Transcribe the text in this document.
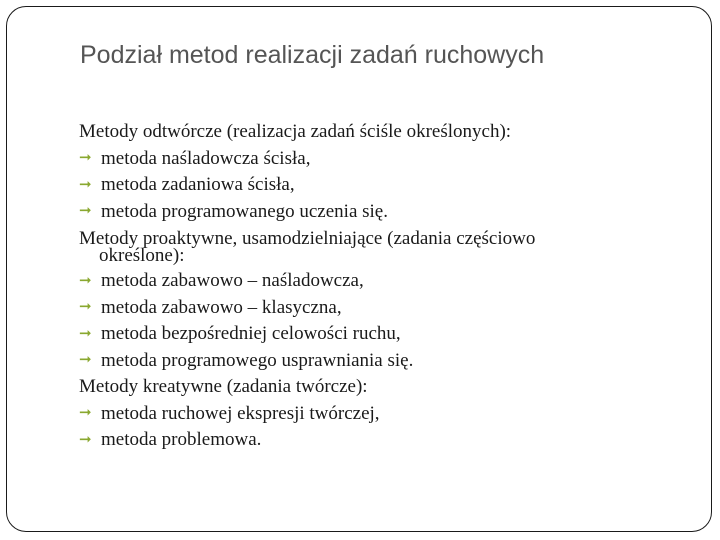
Podział metod realizacji zadań ruchowych
Metody odtwórcze (realizacja zadań ściśle określonych):
➞ metoda naśladowcza ścisła,
➞ metoda zadaniowa ścisła,
➞ metoda programowanego uczenia się.
Metody proaktywne, usamodzielniające (zadania częściowo
określone):
➞ metoda zabawowo – naśladowcza,
➞ metoda zabawowo – klasyczna,
➞ metoda bezpośredniej celowości ruchu,
➞ metoda programowego usprawniania się.
Metody kreatywne (zadania twórcze):
➞ metoda ruchowej ekspresji twórczej,
➞ metoda problemowa.
